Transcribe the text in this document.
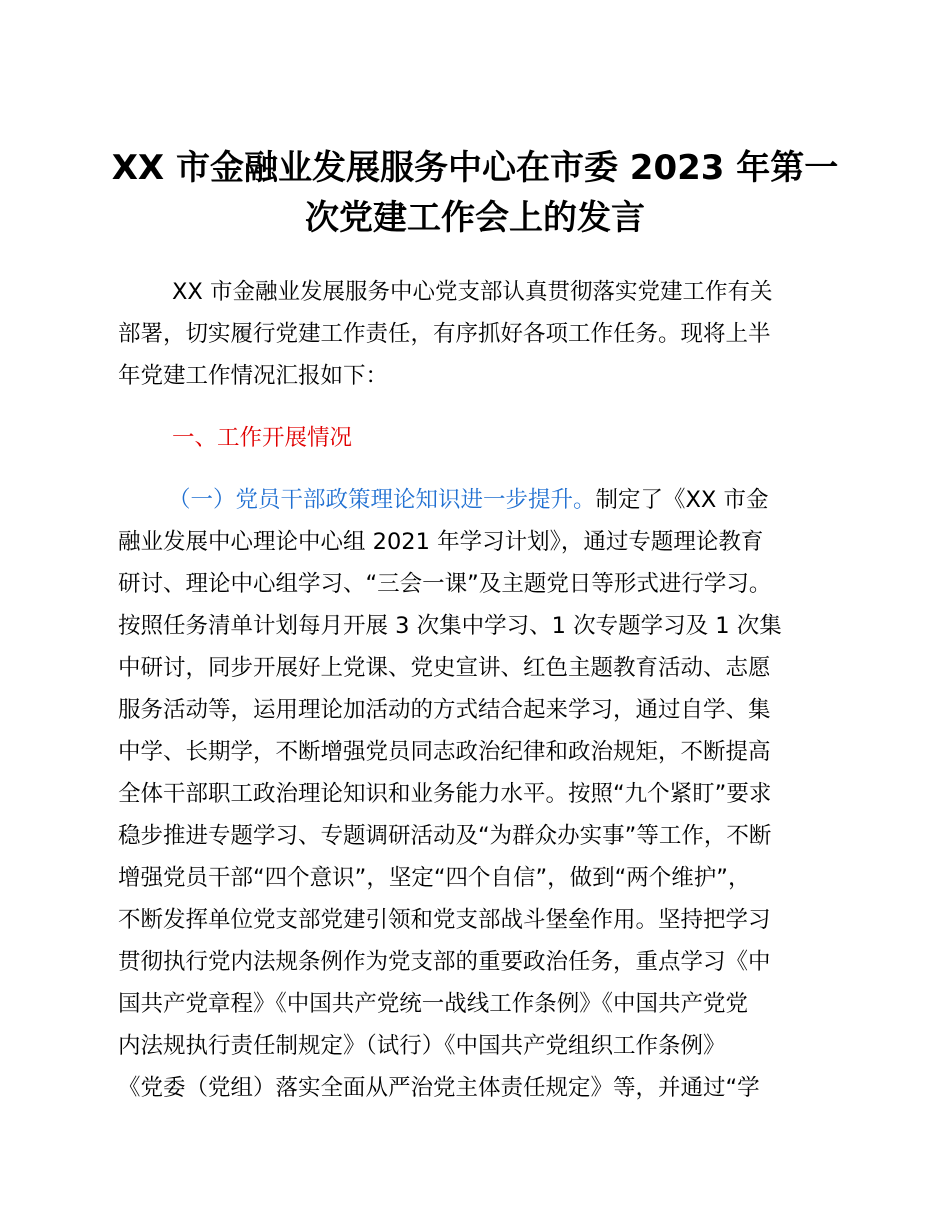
XX 市金融业发展服务中心在市委 2023 年第一
次党建工作会上的发言
XX 市金融业发展服务中心党支部认真贯彻落实党建工作有关
部署，切实履行党建工作责任，有序抓好各项工作任务。现将上半
年党建工作情况汇报如下：
一、工作开展情况
（一）党员干部政策理论知识进一步提升。制定了《XX 市金
融业发展中心理论中心组 2021 年学习计划》，通过专题理论教育
研讨、理论中心组学习、“三会一课”及主题党日等形式进行学习。
按照任务清单计划每月开展 3 次集中学习、1 次专题学习及 1 次集
中研讨，同步开展好上党课、党史宣讲、红色主题教育活动、志愿
服务活动等，运用理论加活动的方式结合起来学习，通过自学、集
中学、长期学，不断增强党员同志政治纪律和政治规矩，不断提高
全体干部职工政治理论知识和业务能力水平。按照“九个紧盯”要求
稳步推进专题学习、专题调研活动及“为群众办实事”等工作，不断
增强党员干部“四个意识”，坚定“四个自信”，做到“两个维护”，
不断发挥单位党支部党建引领和党支部战斗堡垒作用。坚持把学习
贯彻执行党内法规条例作为党支部的重要政治任务，重点学习《中
国共产党章程》《中国共产党统一战线工作条例》《中国共产党党
内法规执行责任制规定》（试行）《中国共产党组织工作条例》
《党委（党组）落实全面从严治党主体责任规定》等，并通过“学
